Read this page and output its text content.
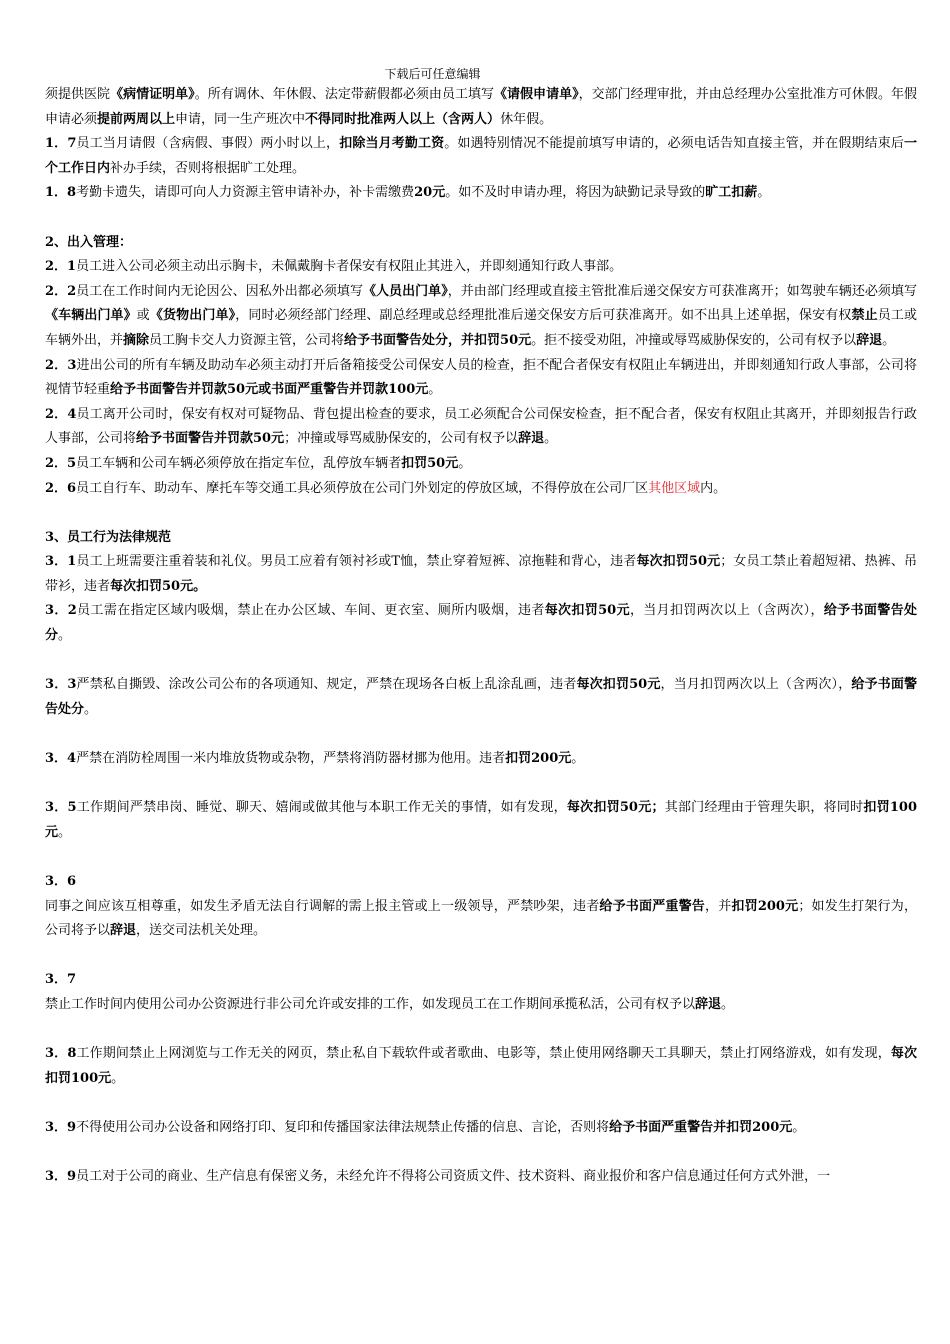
下载后可任意编辑

须提供医院《病情证明单》。所有调休、年休假、法定带薪假都必须由员工填写《请假申请单》，交部门经理审批，并由总经理办公室批准方可休假。年假申请必须提前两周以上申请，同一生产班次中不得同时批准两人以上（含两人）休年假。

1．7员工当月请假（含病假、事假）两小时以上，扣除当月考勤工资。如遇特别情况不能提前填写申请的，必须电话告知直接主管，并在假期结束后一个工作日内补办手续，否则将根据旷工处理。

1．8考勤卡遗失，请即可向人力资源主管申请补办，补卡需缴费20元。如不及时申请办理，将因为缺勤记录导致的旷工扣薪。

2、出入管理：

2．1员工进入公司必须主动出示胸卡，未佩戴胸卡者保安有权阻止其进入，并即刻通知行政人事部。

2．2员工在工作时间内无论因公、因私外出都必须填写《人员出门单》，并由部门经理或直接主管批准后递交保安方可获准离开；如驾驶车辆还必须填写《车辆出门单》或《货物出门单》，同时必须经部门经理、副总经理或总经理批准后递交保安方后可获准离开。如不出具上述单据，保安有权禁止员工或车辆外出，并摘除员工胸卡交人力资源主管，公司将给予书面警告处分，并扣罚50元。拒不接受劝阻，冲撞或辱骂威胁保安的，公司有权予以辞退。

2．3进出公司的所有车辆及助动车必须主动打开后备箱接受公司保安人员的检查，拒不配合者保安有权阻止车辆进出，并即刻通知行政人事部，公司将视情节轻重给予书面警告并罚款50元或书面严重警告并罚款100元。

2．4员工离开公司时，保安有权对可疑物品、背包提出检查的要求，员工必须配合公司保安检查，拒不配合者，保安有权阻止其离开，并即刻报告行政人事部，公司将给予书面警告并罚款50元；冲撞或辱骂威胁保安的，公司有权予以辞退。

2．5员工车辆和公司车辆必须停放在指定车位，乱停放车辆者扣罚50元。

2．6员工自行车、助动车、摩托车等交通工具必须停放在公司门外划定的停放区域，不得停放在公司厂区其他区域内。

3、员工行为法律规范

3．1员工上班需要注重着装和礼仪。男员工应着有领衬衫或T恤，禁止穿着短裤、凉拖鞋和背心，违者每次扣罚50元；女员工禁止着超短裙、热裤、吊带衫，违者每次扣罚50元。

3．2员工需在指定区域内吸烟，禁止在办公区域、车间、更衣室、厕所内吸烟，违者每次扣罚50元，当月扣罚两次以上（含两次），给予书面警告处分。

3．3严禁私自撕毁、涂改公司公布的各项通知、规定，严禁在现场各白板上乱涂乱画，违者每次扣罚50元，当月扣罚两次以上（含两次），给予书面警告处分。

3．4严禁在消防栓周围一米内堆放货物或杂物，严禁将消防器材挪为他用。违者扣罚200元。

3．5工作期间严禁串岗、睡觉、聊天、嬉闹或做其他与本职工作无关的事情，如有发现，每次扣罚50元；其部门经理由于管理失职，将同时扣罚100元。

3．6

同事之间应该互相尊重，如发生矛盾无法自行调解的需上报主管或上一级领导，严禁吵架，违者给予书面严重警告，并扣罚200元；如发生打架行为，公司将予以辞退，送交司法机关处理。

3．7

禁止工作时间内使用公司办公资源进行非公司允许或安排的工作，如发现员工在工作期间承揽私活，公司有权予以辞退。

3．8工作期间禁止上网浏览与工作无关的网页，禁止私自下载软件或者歌曲、电影等，禁止使用网络聊天工具聊天，禁止打网络游戏，如有发现，每次扣罚100元。

3．9不得使用公司办公设备和网络打印、复印和传播国家法律法规禁止传播的信息、言论，否则将给予书面严重警告并扣罚200元。

3．9员工对于公司的商业、生产信息有保密义务，未经允许不得将公司资质文件、技术资料、商业报价和客户信息通过任何方式外泄，一
